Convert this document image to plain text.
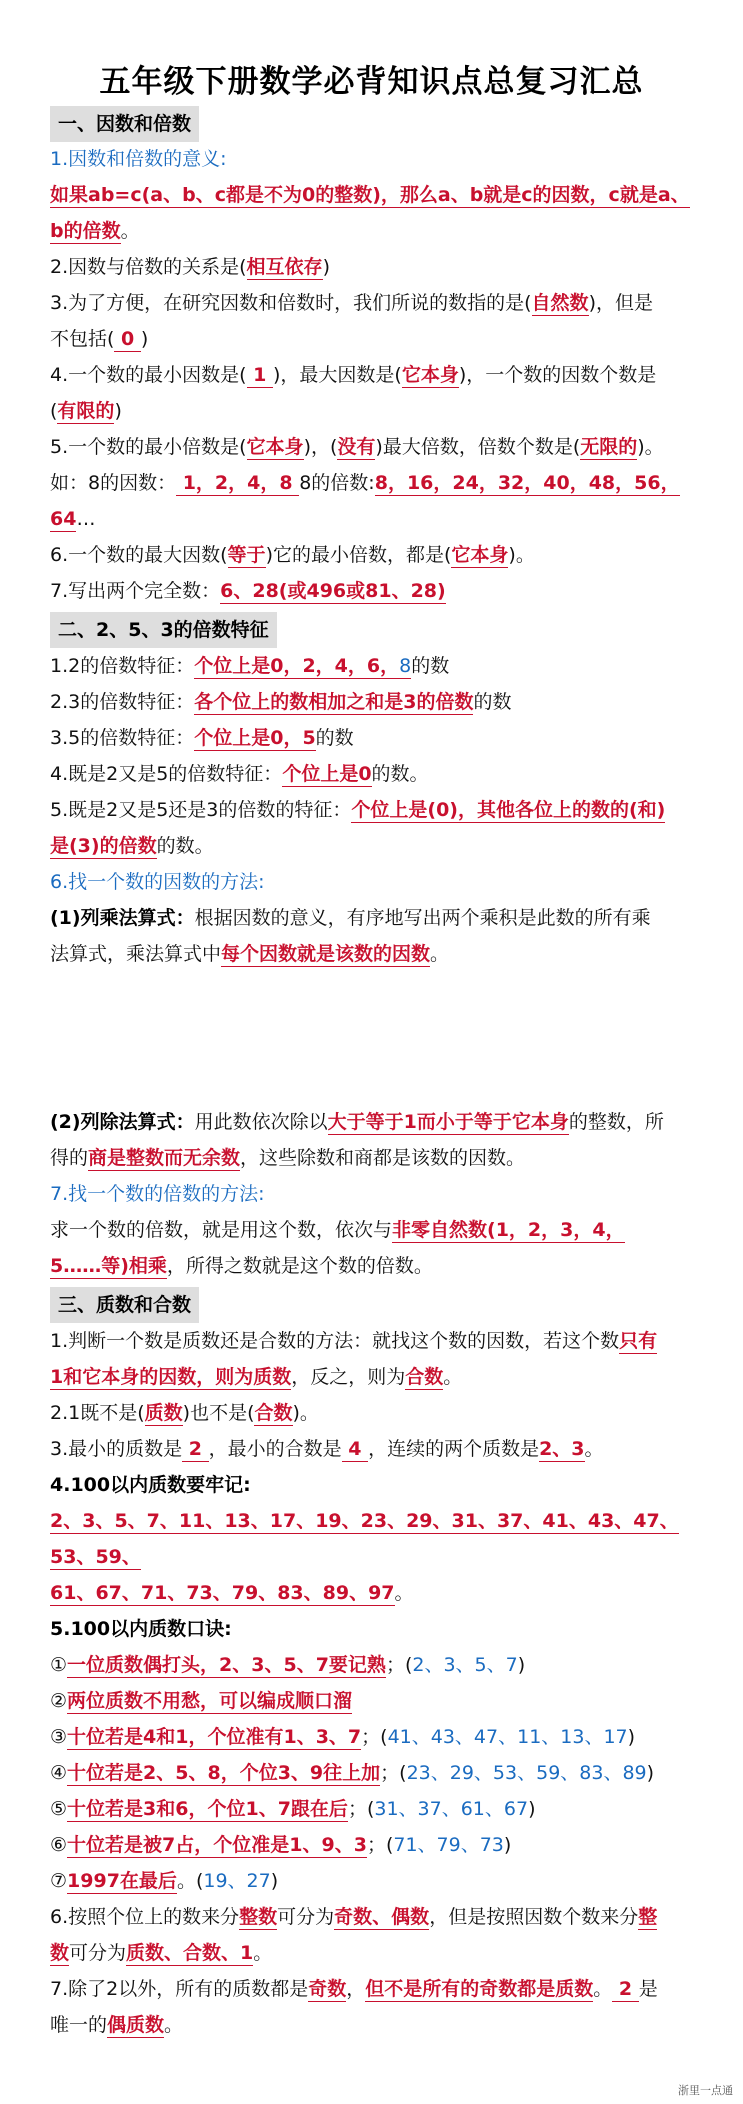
五年级下册数学必背知识点总复习汇总
一、因数和倍数
1.因数和倍数的意义:
如果ab=c(a、b、c都是不为0的整数)，那么a、b就是c的因数，c就是a、
b的倍数。
2.因数与倍数的关系是(相互依存)
3.为了方便，在研究因数和倍数时，我们所说的数指的是(自然数)，但是
不包括( 0 )
4.一个数的最小因数是( 1 )，最大因数是(它本身)，一个数的因数个数是
(有限的)
5.一个数的最小倍数是(它本身)，(没有)最大倍数，倍数个数是(无限的)。
如：8的因数： 1，2，4，8 8的倍数:8，16，24，32，40，48，56，
64…
6.一个数的最大因数(等于)它的最小倍数，都是(它本身)。
7.写出两个完全数：6、28(或496或81、28)
二、2、5、3的倍数特征
1.2的倍数特征：个位上是0，2，4，6，8的数
2.3的倍数特征：各个位上的数相加之和是3的倍数的数
3.5的倍数特征：个位上是0，5的数
4.既是2又是5的倍数特征：个位上是0的数。
5.既是2又是5还是3的倍数的特征：个位上是(0)，其他各位上的数的(和)
是(3)的倍数的数。
6.找一个数的因数的方法:
(1)列乘法算式：根据因数的意义，有序地写出两个乘积是此数的所有乘
法算式，乘法算式中每个因数就是该数的因数。
(2)列除法算式：用此数依次除以大于等于1而小于等于它本身的整数，所
得的商是整数而无余数，这些除数和商都是该数的因数。
7.找一个数的倍数的方法:
求一个数的倍数，就是用这个数，依次与非零自然数(1，2，3，4，
5……等)相乘，所得之数就是这个数的倍数。
三、质数和合数
1.判断一个数是质数还是合数的方法：就找这个数的因数，若这个数只有
1和它本身的因数，则为质数，反之，则为合数。
2.1既不是(质数)也不是(合数)。
3.最小的质数是 2 ，最小的合数是 4 ，连续的两个质数是2、3。
4.100以内质数要牢记:
2、3、5、7、11、13、17、19、23、29、31、37、41、43、47、
53、59、
61、67、71、73、79、83、89、97。
5.100以内质数口诀:
①一位质数偶打头，2、3、5、7要记熟；(2、3、5、7)
②两位质数不用愁，可以编成顺口溜
③十位若是4和1，个位准有1、3、7；(41、43、47、11、13、17)
④十位若是2、5、8，个位3、9往上加；(23、29、53、59、83、89)
⑤十位若是3和6，个位1、7跟在后；(31、37、61、67)
⑥十位若是被7占，个位准是1、9、3；(71、79、73)
⑦1997在最后。(19、27)
6.按照个位上的数来分整数可分为奇数、偶数，但是按照因数个数来分整
数可分为质数、合数、1。
7.除了2以外，所有的质数都是奇数，但不是所有的奇数都是质数。 2 是
唯一的偶质数。
浙里一点通
